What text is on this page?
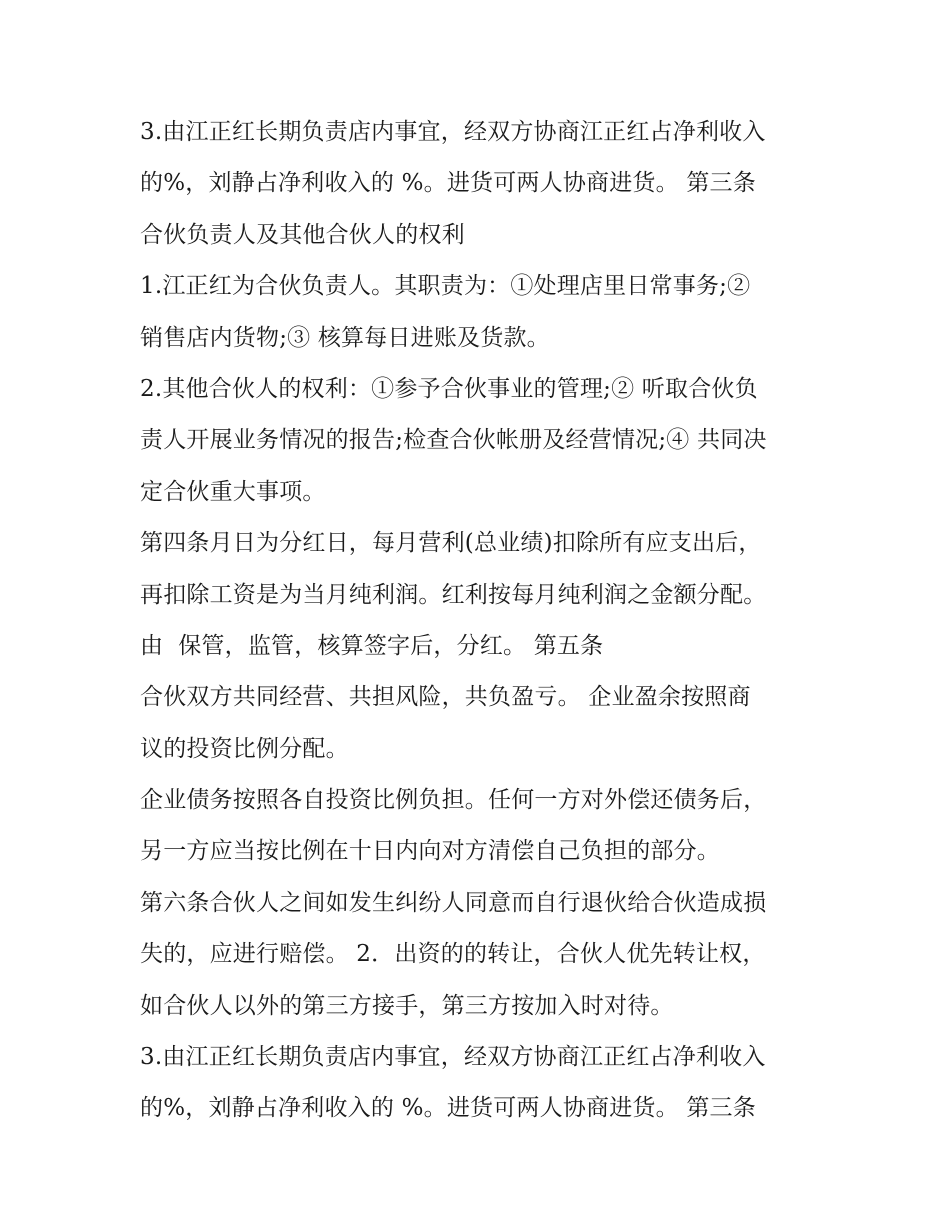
3.由江正红长期负责店内事宜，经双方协商江正红占净利收入
的%，刘静占净利收入的 %。进货可两人协商进货。 第三条
合伙负责人及其他合伙人的权利
1.江正红为合伙负责人。其职责为：①处理店里日常事务;②
销售店内货物;③ 核算每日进账及货款。
2.其他合伙人的权利：①参予合伙事业的管理;② 听取合伙负
责人开展业务情况的报告;检查合伙帐册及经营情况;④ 共同决
定合伙重大事项。
第四条月日为分红日，每月营利(总业绩)扣除所有应支出后，
再扣除工资是为当月纯利润。红利按每月纯利润之金额分配。
由  保管，监管，核算签字后，分红。 第五条
合伙双方共同经营、共担风险，共负盈亏。 企业盈余按照商
议的投资比例分配。
企业债务按照各自投资比例负担。任何一方对外偿还债务后，
另一方应当按比例在十日内向对方清偿自己负担的部分。
第六条合伙人之间如发生纠纷人同意而自行退伙给合伙造成损
失的，应进行赔偿。 2．出资的的转让，合伙人优先转让权，
如合伙人以外的第三方接手，第三方按加入时对待。
3.由江正红长期负责店内事宜，经双方协商江正红占净利收入
的%，刘静占净利收入的 %。进货可两人协商进货。 第三条
